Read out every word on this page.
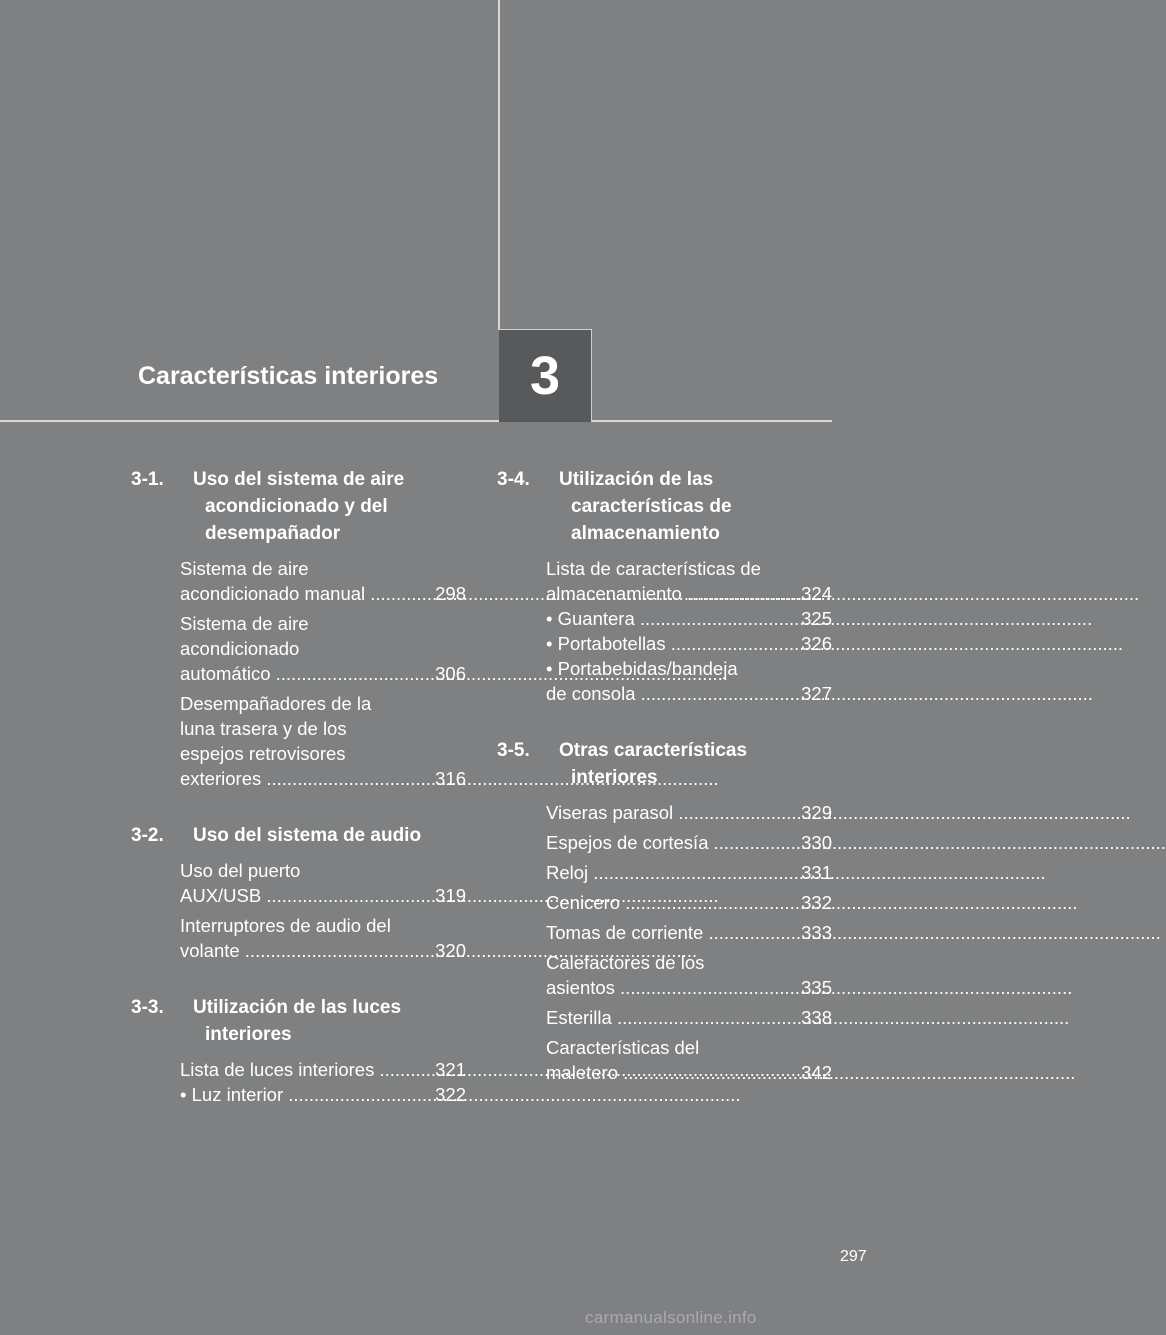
Características interiores 3
3-1. Uso del sistema de aire acondicionado y del desempañador
Sistema de aire
acondicionado manual .....	298
Sistema de aire
acondicionado
automático .....	306
Desempañadores de la
luna trasera y de los
espejos retrovisores
exteriores .....	316
3-2. Uso del sistema de audio
Uso del puerto
AUX/USB .....	319
Interruptores de audio del
volante .....	320
3-3. Utilización de las luces interiores
Lista de luces interiores .....	321
• Luz interior .....	322
3-4. Utilización de las características de almacenamiento
Lista de características de
almacenamiento .....	324
• Guantera .....	325
• Portabotellas .....	326
• Portabebidas/bandeja
de consola .....	327
3-5. Otras características interiores
Viseras parasol .....	329
Espejos de cortesía .....	330
Reloj .....	331
Cenicero .....	332
Tomas de corriente .....	333
Calefactores de los
asientos .....	335
Esterilla .....	338
Características del
maletero .....	342
297
carmanualsonline.info
